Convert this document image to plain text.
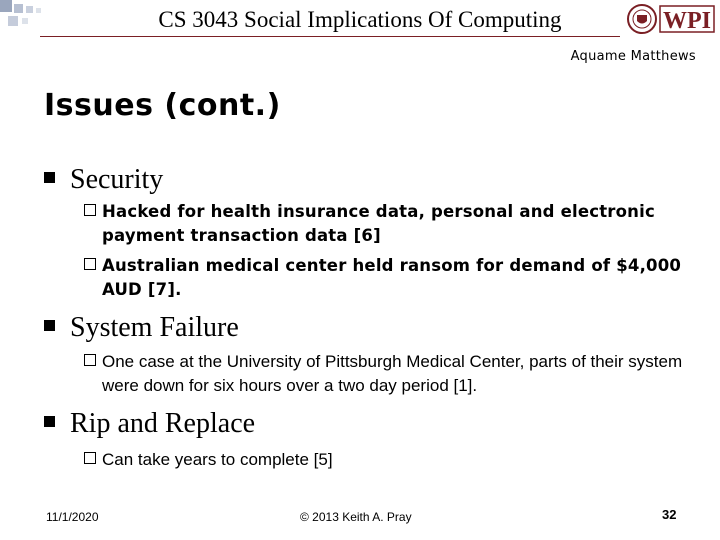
CS 3043 Social Implications Of Computing	WPI
Aquame Matthews
Issues (cont.)
Security
Hacked for health insurance data, personal and electronic payment transaction data [6]
Australian medical center held ransom for demand of $4,000 AUD [7].
System Failure
One case at the University of Pittsburgh Medical Center, parts of their system were down for six hours over a two day period [1].
Rip and Replace
Can take years to complete [5]
11/1/2020	© 2013 Keith A. Pray	32
